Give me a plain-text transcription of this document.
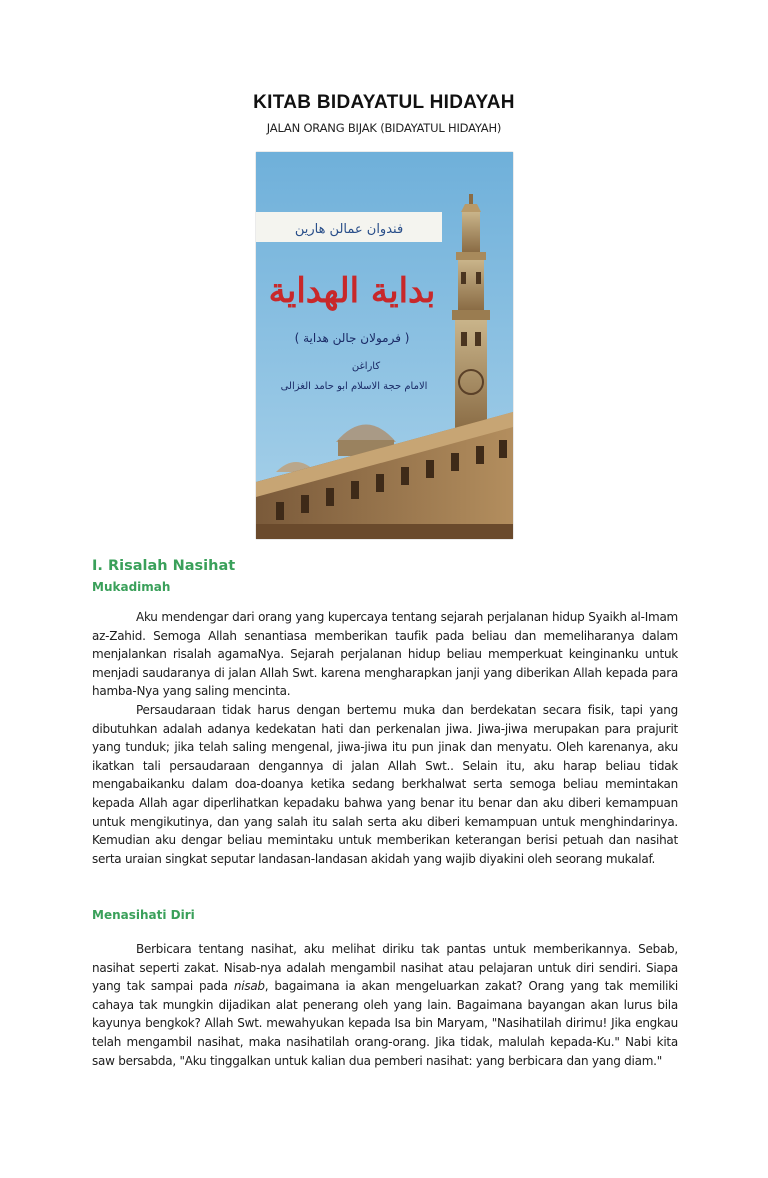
KITAB BIDAYATUL HIDAYAH
JALAN ORANG BIJAK (BIDAYATUL HIDAYAH)
فندوان عمالن هارين
بداية الهداية
( فرمولان جالن هداية )
كاراغن
الامام حجة الاسلام ابو حامد الغزالى
I. Risalah Nasihat
Mukadimah

Aku mendengar dari orang yang kupercaya tentang sejarah perjalanan hidup Syaikh al-Imam az-Zahid. Semoga Allah senantiasa memberikan taufik pada beliau dan memeliharanya dalam menjalankan risalah agamaNya. Sejarah perjalanan hidup beliau memperkuat keinginanku untuk menjadi saudaranya di jalan Allah Swt. karena mengharapkan janji yang diberikan Allah kepada para hamba-Nya yang saling mencinta.

Persaudaraan tidak harus dengan bertemu muka dan berdekatan secara fisik, tapi yang dibutuhkan adalah adanya kedekatan hati dan perkenalan jiwa. Jiwa-jiwa merupakan para prajurit yang tunduk; jika telah saling mengenal, jiwa-jiwa itu pun jinak dan menyatu. Oleh karenanya, aku ikatkan tali persaudaraan dengannya di jalan Allah Swt.. Selain itu, aku harap beliau tidak mengabaikanku dalam doa-doanya ketika sedang berkhalwat serta semoga beliau memintakan kepada Allah agar diperlihatkan kepadaku bahwa yang benar itu benar dan aku diberi kemampuan untuk mengikutinya, dan yang salah itu salah serta aku diberi kemampuan untuk menghindarinya. Kemudian aku dengar beliau memintaku untuk memberikan keterangan berisi petuah dan nasihat serta uraian singkat seputar landasan-landasan akidah yang wajib diyakini oleh seorang mukalaf.

Menasihati Diri

Berbicara tentang nasihat, aku melihat diriku tak pantas untuk memberikannya. Sebab, nasihat seperti zakat. Nisab-nya adalah mengambil nasihat atau pelajaran untuk diri sendiri. Siapa yang tak sampai pada nisab, bagaimana ia akan mengeluarkan zakat? Orang yang tak memiliki cahaya tak mungkin dijadikan alat penerang oleh yang lain. Bagaimana bayangan akan lurus bila kayunya bengkok? Allah Swt. mewahyukan kepada Isa bin Maryam, "Nasihatilah dirimu! Jika engkau telah mengambil nasihat, maka nasihatilah orang-orang. Jika tidak, malulah kepada-Ku." Nabi kita saw bersabda, "Aku tinggalkan untuk kalian dua pemberi nasihat: yang berbicara dan yang diam."
